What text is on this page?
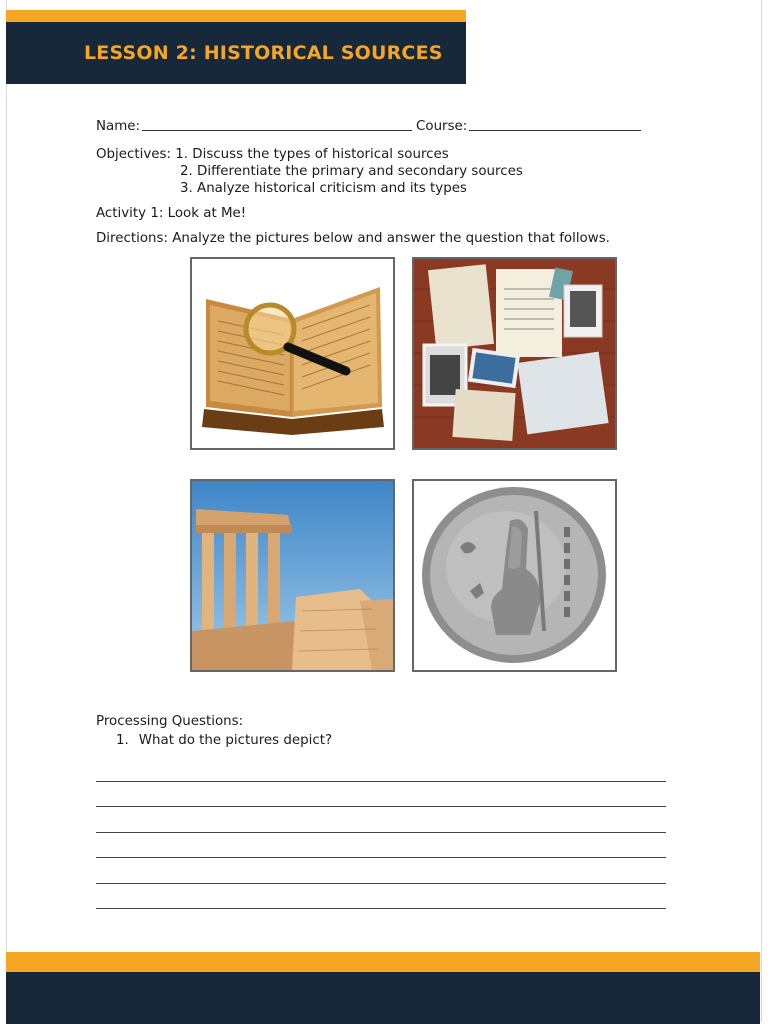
LESSON 2: HISTORICAL SOURCES
Name:	Course:
Objectives:
1. Discuss the types of historical sources
2. Differentiate the primary and secondary sources
3. Analyze historical criticism and its types
Activity 1: Look at Me!
Directions: Analyze the pictures below and answer the question that follows.
Processing Questions:
1. What do the pictures depict?
